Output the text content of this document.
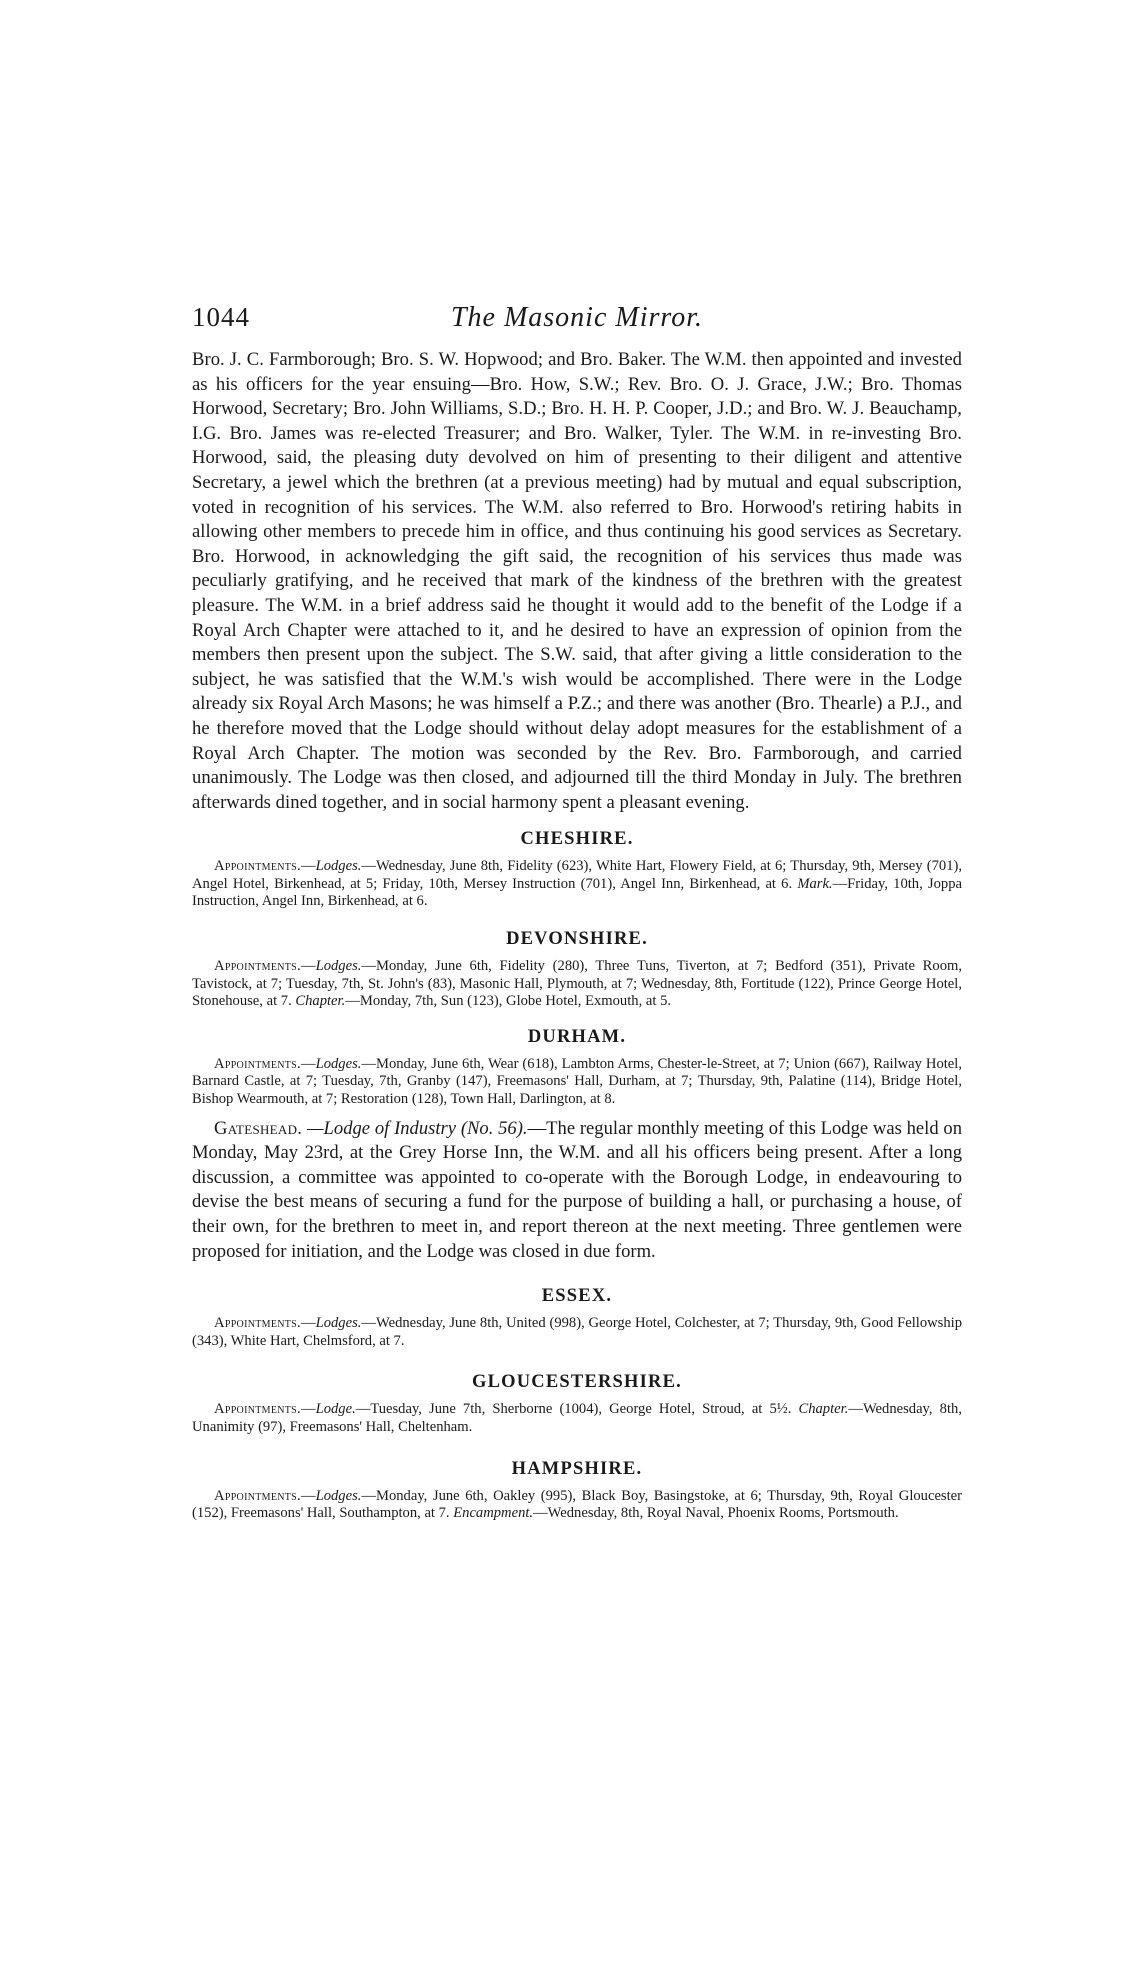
1044	The Masonic Mirror.

Bro. J. C. Farmborough; Bro. S. W. Hopwood; and Bro. Baker. The W.M. then appointed and invested as his officers for the year ensuing—Bro. How, S.W.; Rev. Bro. O. J. Grace, J.W.; Bro. Thomas Horwood, Secretary; Bro. John Williams, S.D.; Bro. H. H. P. Cooper, J.D.; and Bro. W. J. Beauchamp, I.G. Bro. James was re-elected Treasurer; and Bro. Walker, Tyler. The W.M. in re-investing Bro. Horwood, said, the pleasing duty devolved on him of presenting to their diligent and attentive Secretary, a jewel which the brethren (at a previous meeting) had by mutual and equal subscription, voted in recognition of his services. The W.M. also referred to Bro. Horwood's retiring habits in allowing other members to precede him in office, and thus continuing his good services as Secretary. Bro. Horwood, in acknowledging the gift said, the recognition of his services thus made was peculiarly gratifying, and he received that mark of the kindness of the brethren with the greatest pleasure. The W.M. in a brief address said he thought it would add to the benefit of the Lodge if a Royal Arch Chapter were attached to it, and he desired to have an expression of opinion from the members then present upon the subject. The S.W. said, that after giving a little consideration to the subject, he was satisfied that the W.M.'s wish would be accomplished. There were in the Lodge already six Royal Arch Masons; he was himself a P.Z.; and there was another (Bro. Thearle) a P.J., and he therefore moved that the Lodge should without delay adopt measures for the establishment of a Royal Arch Chapter. The motion was seconded by the Rev. Bro. Farmborough, and carried unanimously. The Lodge was then closed, and adjourned till the third Monday in July. The brethren afterwards dined together, and in social harmony spent a pleasant evening.

CHESHIRE.

Appointments.—Lodges.—Wednesday, June 8th, Fidelity (623), White Hart, Flowery Field, at 6; Thursday, 9th, Mersey (701), Angel Hotel, Birkenhead, at 5; Friday, 10th, Mersey Instruction (701), Angel Inn, Birkenhead, at 6. Mark.—Friday, 10th, Joppa Instruction, Angel Inn, Birkenhead, at 6.

DEVONSHIRE.

Appointments.—Lodges.—Monday, June 6th, Fidelity (280), Three Tuns, Tiverton, at 7; Bedford (351), Private Room, Tavistock, at 7; Tuesday, 7th, St. John's (83), Masonic Hall, Plymouth, at 7; Wednesday, 8th, Fortitude (122), Prince George Hotel, Stonehouse, at 7. Chapter.—Monday, 7th, Sun (123), Globe Hotel, Exmouth, at 5.

DURHAM.

Appointments.—Lodges.—Monday, June 6th, Wear (618), Lambton Arms, Chester-le-Street, at 7; Union (667), Railway Hotel, Barnard Castle, at 7; Tuesday, 7th, Granby (147), Freemasons' Hall, Durham, at 7; Thursday, 9th, Palatine (114), Bridge Hotel, Bishop Wearmouth, at 7; Restoration (128), Town Hall, Darlington, at 8.

Gateshead. —Lodge of Industry (No. 56).—The regular monthly meeting of this Lodge was held on Monday, May 23rd, at the Grey Horse Inn, the W.M. and all his officers being present. After a long discussion, a committee was appointed to co-operate with the Borough Lodge, in endeavouring to devise the best means of securing a fund for the purpose of building a hall, or purchasing a house, of their own, for the brethren to meet in, and report thereon at the next meeting. Three gentlemen were proposed for initiation, and the Lodge was closed in due form.

ESSEX.

Appointments.—Lodges.—Wednesday, June 8th, United (998), George Hotel, Colchester, at 7; Thursday, 9th, Good Fellowship (343), White Hart, Chelmsford, at 7.

GLOUCESTERSHIRE.

Appointments.—Lodge.—Tuesday, June 7th, Sherborne (1004), George Hotel, Stroud, at 5½. Chapter.—Wednesday, 8th, Unanimity (97), Freemasons' Hall, Cheltenham.

HAMPSHIRE.

Appointments.—Lodges.—Monday, June 6th, Oakley (995), Black Boy, Basingstoke, at 6; Thursday, 9th, Royal Gloucester (152), Freemasons' Hall, Southampton, at 7. Encampment.—Wednesday, 8th, Royal Naval, Phoenix Rooms, Portsmouth.
